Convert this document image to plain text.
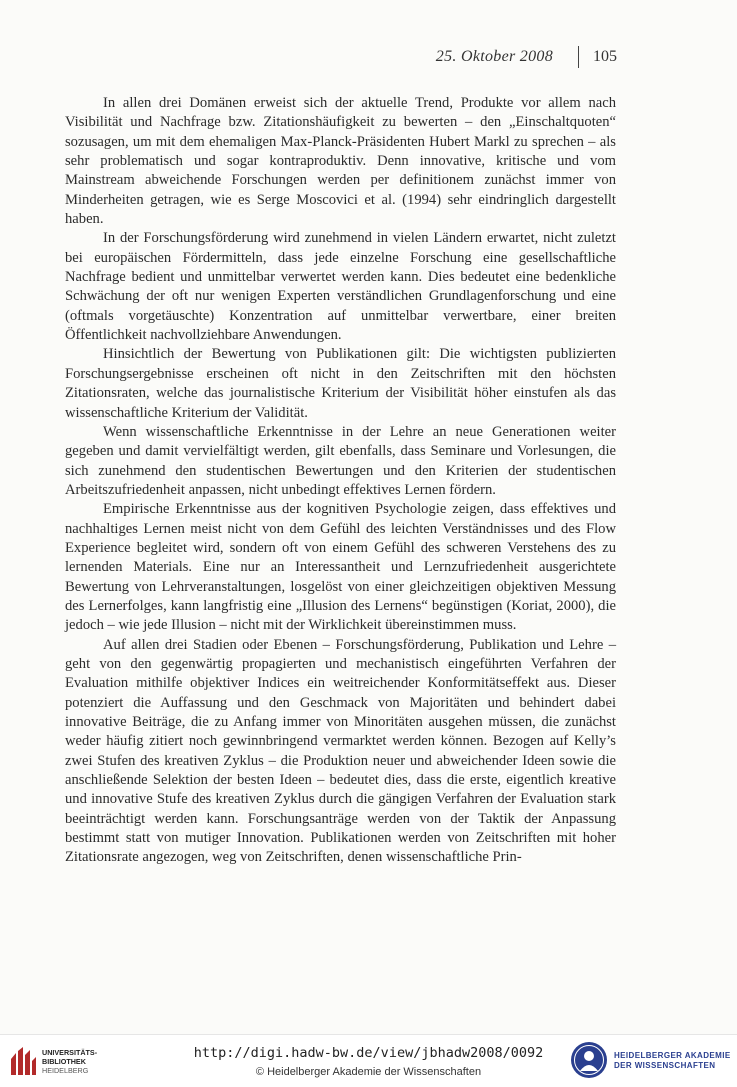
25. Oktober 2008	105

In allen drei Domänen erweist sich der aktuelle Trend, Produkte vor allem nach Visibilität und Nachfrage bzw. Zitationshäufigkeit zu bewerten – den „Einschaltquoten“ sozusagen, um mit dem ehemaligen Max-Planck-Präsidenten Hubert Markl zu sprechen – als sehr problematisch und sogar kontraproduktiv. Denn innovative, kritische und vom Mainstream abweichende Forschungen werden per definitionem zunächst immer von Minderheiten getragen, wie es Serge Moscovici et al. (1994) sehr eindringlich dargestellt haben.

In der Forschungsförderung wird zunehmend in vielen Ländern erwartet, nicht zuletzt bei europäischen Fördermitteln, dass jede einzelne Forschung eine gesellschaftliche Nachfrage bedient und unmittelbar verwertet werden kann. Dies bedeutet eine bedenkliche Schwächung der oft nur wenigen Experten verständlichen Grundlagenforschung und eine (oftmals vorgetäuschte) Konzentration auf unmittelbar verwertbare, einer breiten Öffentlichkeit nachvollziehbare Anwendungen.

Hinsichtlich der Bewertung von Publikationen gilt: Die wichtigsten publizierten Forschungsergebnisse erscheinen oft nicht in den Zeitschriften mit den höchsten Zitationsraten, welche das journalistische Kriterium der Visibilität höher einstufen als das wissenschaftliche Kriterium der Validität.

Wenn wissenschaftliche Erkenntnisse in der Lehre an neue Generationen weiter gegeben und damit vervielfältigt werden, gilt ebenfalls, dass Seminare und Vorlesungen, die sich zunehmend den studentischen Bewertungen und den Kriterien der studentischen Arbeitszufriedenheit anpassen, nicht unbedingt effektives Lernen fördern.

Empirische Erkenntnisse aus der kognitiven Psychologie zeigen, dass effektives und nachhaltiges Lernen meist nicht von dem Gefühl des leichten Verständnisses und des Flow Experience begleitet wird, sondern oft von einem Gefühl des schweren Verstehens des zu lernenden Materials. Eine nur an Interessantheit und Lernzufriedenheit ausgerichtete Bewertung von Lehrveranstaltungen, losgelöst von einer gleichzeitigen objektiven Messung des Lernerfolges, kann langfristig eine „Illusion des Lernens“ begünstigen (Koriat, 2000), die jedoch – wie jede Illusion – nicht mit der Wirklichkeit übereinstimmen muss.

Auf allen drei Stadien oder Ebenen – Forschungsförderung, Publikation und Lehre – geht von den gegenwärtig propagierten und mechanistisch eingeführten Verfahren der Evaluation mithilfe objektiver Indices ein weitreichender Konformitätseffekt aus. Dieser potenziert die Auffassung und den Geschmack von Majoritäten und behindert dabei innovative Beiträge, die zu Anfang immer von Minoritäten ausgehen müssen, die zunächst weder häufig zitiert noch gewinnbringend vermarktet werden können. Bezogen auf Kelly’s zwei Stufen des kreativen Zyklus – die Produktion neuer und abweichender Ideen sowie die anschließende Selektion der besten Ideen – bedeutet dies, dass die erste, eigentlich kreative und innovative Stufe des kreativen Zyklus durch die gängigen Verfahren der Evaluation stark beeinträchtigt werden kann. Forschungsanträge werden von der Taktik der Anpassung bestimmt statt von mutiger Innovation. Publikationen werden von Zeitschriften mit hoher Zitationsrate angezogen, weg von Zeitschriften, denen wissenschaftliche Prin-

UNIVERSITÄTS-
BIBLIOTHEK
HEIDELBERG
http://digi.hadw-bw.de/view/jbhadw2008/0092
© Heidelberger Akademie der Wissenschaften
HEIDELBERGER AKADEMIE
DER WISSENSCHAFTEN
